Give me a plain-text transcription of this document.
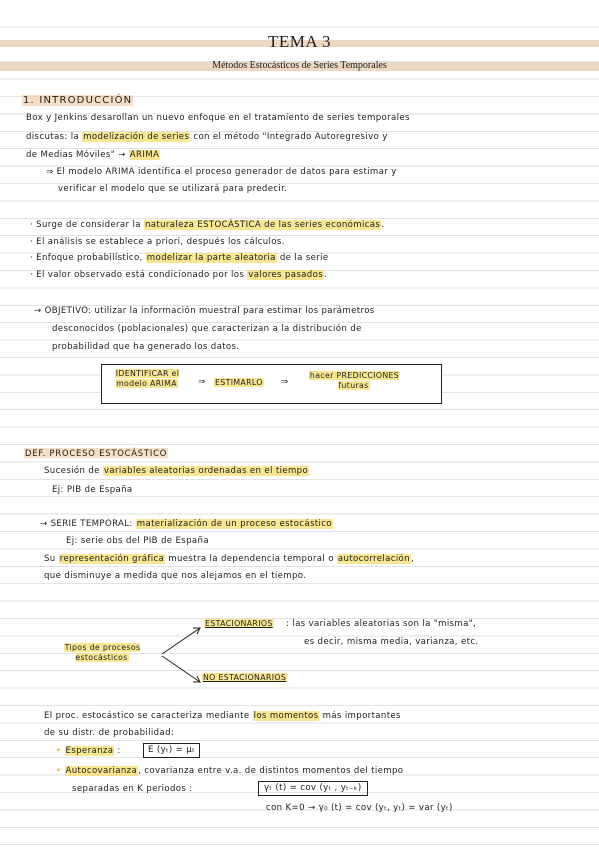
TEMA 3
Métodos Estocásticos de Series Temporales
1. INTRODUCCIÓN
Box y Jenkins desarollan un nuevo enfoque en el tratamiento de series temporales
discutas: la modelización de series con el método "Integrado Autoregresivo y
de Medias Móviles" → ARIMA
⇒ El modelo ARIMA identifica el proceso generador de datos para estimar y
verificar el modelo que se utilizará para predecir.
· Surge de considerar la naturaleza ESTOCÁSTICA de las series económicas.
· El análisis se establece a priori, después los cálculos.
· Enfoque probabilístico, modelizar la parte aleatoria de la serie
· El valor observado está condicionado por los valores pasados.
→ OBJETIVO: utilizar la información muestral para estimar los parámetros
desconocidos (poblacionales) que caracterizan a la distribución de
probabilidad que ha generado los datos.
IDENTIFICAR el modelo ARIMA	⇒ ESTIMARLO ⇒
hacer PREDICCIONES futuras
DEF. PROCESO ESTOCÁSTICO
Sucesión de variables aleatorias ordenadas en el tiempo
Ej: PIB de España
→ SERIE TEMPORAL: materialización de un proceso estocástico
Ej: serie obs del PIB de España
Su representación gráfica muestra la dependencia temporal o autocorrelación,
que disminuye a medida que nos alejamos en el tiempo.
Tipos de procesos estocásticos
ESTACIONARIOS : las variables aleatorias son la "misma",
es decir, misma media, varianza, etc.
NO ESTACIONARIOS
El proc. estocástico se caracteriza mediante los momentos más importantes
de su distr. de probabilidad:
• Esperanza :	E (yₜ) = μₜ
• Autocovarianza, covarianza entre v.a. de distintos momentos del tiempo
separadas en K periodos :	γₜ (t) = cov (yₜ , yₜ₋ₖ)
con K=0 → γ₀ (t) = cov (yₜ, yₜ) = var (yₜ)
